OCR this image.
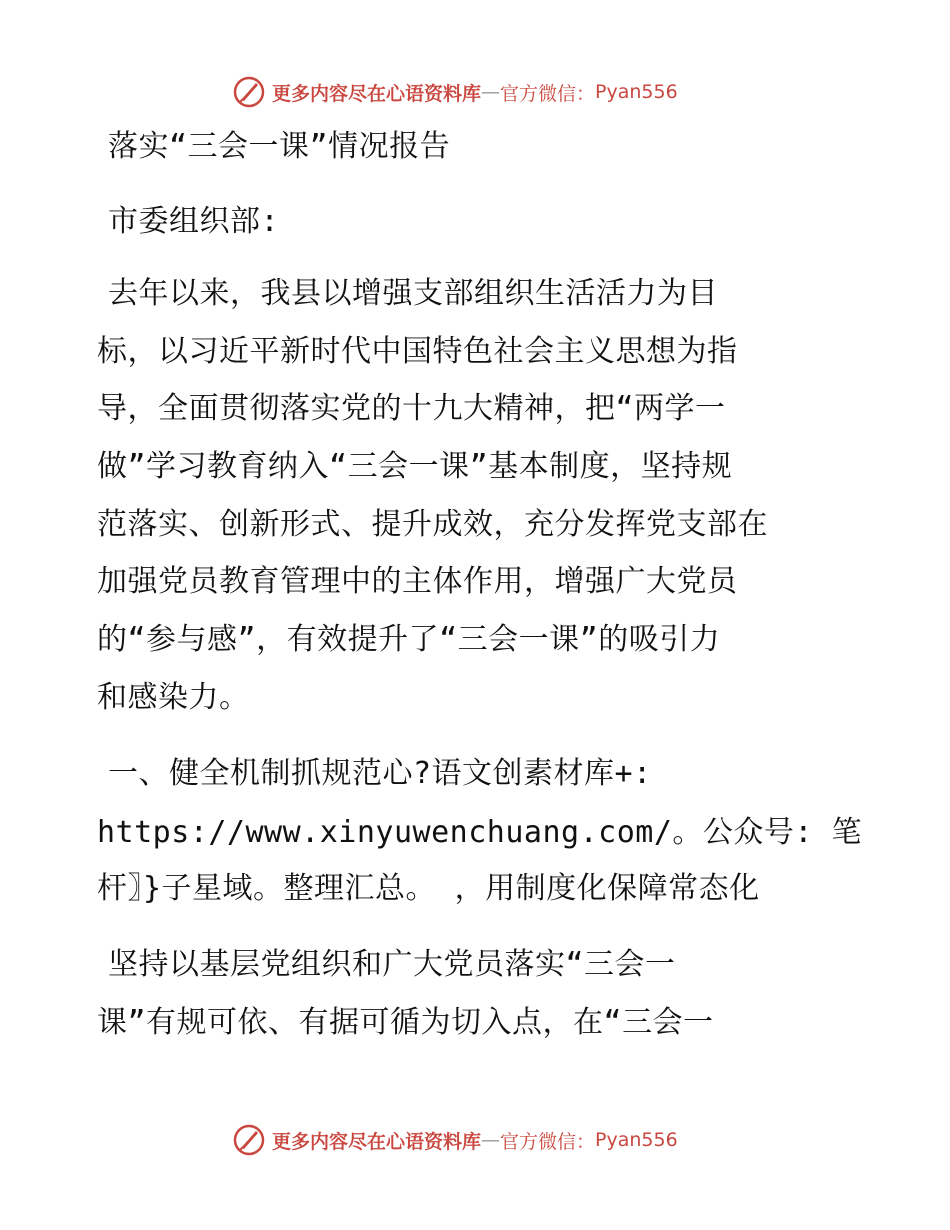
更多内容尽在心语资料库 — 官方微信 ： Pyan556
落实“三会一课”情况报告
市委组织部:
去年以来，我县以增强支部组织生活活力为目
标，以习近平新时代中国特色社会主义思想为指
导，全面贯彻落实党的十九大精神，把“两学一
做”学习教育纳入“三会一课”基本制度，坚持规
范落实、创新形式、提升成效，充分发挥党支部在
加强党员教育管理中的主体作用，增强广大党员
的“参与感”，有效提升了“三会一课”的吸引力
和感染力。
一、健全机制抓规范心?语文创素材库+:
https://www.xinyuwenchuang.com/。公众号: 笔
杆〗}子星域。整理汇总。 ，用制度化保障常态化
坚持以基层党组织和广大党员落实“三会一
课”有规可依、有据可循为切入点，在“三会一
更多内容尽在心语资料库 — 官方微信 ： Pyan556
